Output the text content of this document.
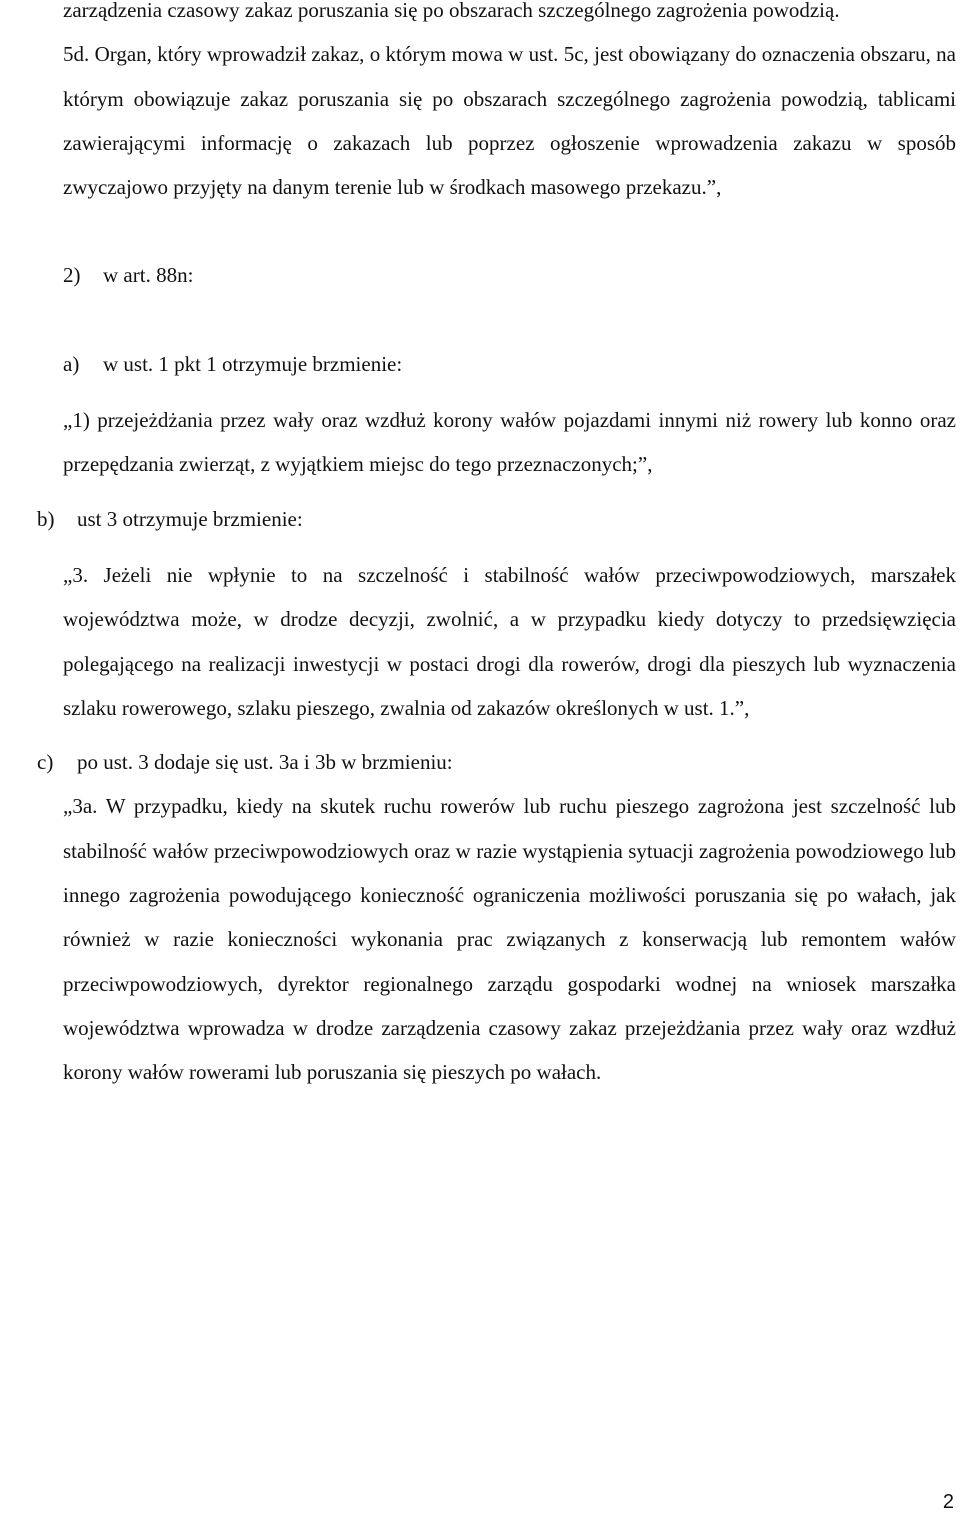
zarządzenia czasowy zakaz poruszania się po obszarach szczególnego zagrożenia powodzią.

5d. Organ, który wprowadził zakaz, o którym mowa w ust. 5c, jest obowiązany do oznaczenia obszaru, na którym obowiązuje zakaz poruszania się po obszarach szczególnego zagrożenia powodzią, tablicami zawierającymi informację o zakazach lub poprzez ogłoszenie wprowadzenia zakazu w sposób zwyczajowo przyjęty na danym terenie lub w środkach masowego przekazu.”,

2)	w art. 88n:
a)	w ust. 1 pkt 1 otrzymuje brzmienie:

„1) przejeżdżania przez wały oraz wzdłuż korony wałów pojazdami innymi niż rowery lub konno oraz przepędzania zwierząt, z wyjątkiem miejsc do tego przeznaczonych;”,

b)	ust 3 otrzymuje brzmienie:

„3. Jeżeli nie wpłynie to na szczelność i stabilność wałów przeciwpowodziowych, marszałek województwa może, w drodze decyzji, zwolnić, a w przypadku kiedy dotyczy to przedsięwzięcia polegającego na realizacji inwestycji w postaci drogi dla rowerów, drogi dla pieszych lub wyznaczenia szlaku rowerowego, szlaku pieszego, zwalnia od zakazów określonych w ust. 1.”,

c)	po ust. 3 dodaje się ust. 3a i 3b w brzmieniu:

„3a. W przypadku, kiedy na skutek ruchu rowerów lub ruchu pieszego zagrożona jest szczelność lub stabilność wałów przeciwpowodziowych oraz w razie wystąpienia sytuacji zagrożenia powodziowego lub innego zagrożenia powodującego konieczność ograniczenia możliwości poruszania się po wałach, jak również w razie konieczności wykonania prac związanych z konserwacją lub remontem wałów przeciwpowodziowych, dyrektor regionalnego zarządu gospodarki wodnej na wniosek marszałka województwa wprowadza w drodze zarządzenia czasowy zakaz przejeżdżania przez wały oraz wzdłuż korony wałów rowerami lub poruszania się pieszych po wałach.

2
